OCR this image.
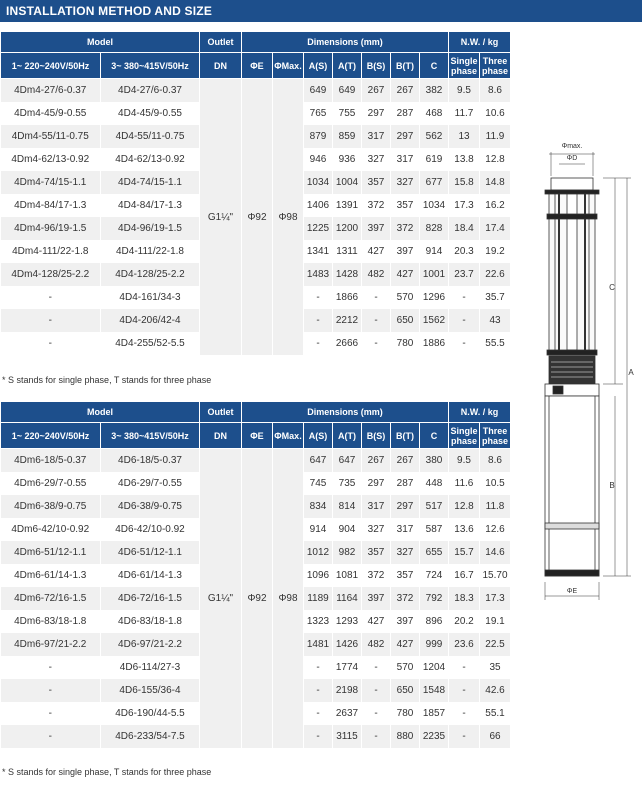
INSTALLATION METHOD AND SIZE
Model		Outlet	Dimensions (mm)							N.W. / kg	
1~ 220~240V/50Hz	3~ 380~415V/50Hz	DN	ΦE	ΦMax.	A(S)	A(T)	B(S)	B(T)	C	Single phase	Three phase
4Dm4-27/6-0.37	4D4-27/6-0.37	G1¼"	Φ92	Φ98	649	649	267	267	382	9.5	8.6
4Dm4-45/9-0.55	4D4-45/9-0.55				765	755	297	287	468	11.7	10.6
4Dm4-55/11-0.75	4D4-55/11-0.75				879	859	317	297	562	13	11.9
4Dm4-62/13-0.92	4D4-62/13-0.92				946	936	327	317	619	13.8	12.8
4Dm4-74/15-1.1	4D4-74/15-1.1				1034	1004	357	327	677	15.8	14.8
4Dm4-84/17-1.3	4D4-84/17-1.3				1406	1391	372	357	1034	17.3	16.2
4Dm4-96/19-1.5	4D4-96/19-1.5				1225	1200	397	372	828	18.4	17.4
4Dm4-111/22-1.8	4D4-111/22-1.8				1341	1311	427	397	914	20.3	19.2
4Dm4-128/25-2.2	4D4-128/25-2.2				1483	1428	482	427	1001	23.7	22.6
-	4D4-161/34-3				-	1866	-	570	1296	-	35.7
-	4D4-206/42-4				-	2212	-	650	1562	-	43
-	4D4-255/52-5.5				-	2666	-	780	1886	-	55.5
* S stands for single phase, T stands for three phase
Model		Outlet	Dimensions (mm)							N.W. / kg	
1~ 220~240V/50Hz	3~ 380~415V/50Hz	DN	ΦE	ΦMax.	A(S)	A(T)	B(S)	B(T)	C	Single phase	Three phase
4Dm6-18/5-0.37	4D6-18/5-0.37	G1¼"	Φ92	Φ98	647	647	267	267	380	9.5	8.6
4Dm6-29/7-0.55	4D6-29/7-0.55				745	735	297	287	448	11.6	10.5
4Dm6-38/9-0.75	4D6-38/9-0.75				834	814	317	297	517	12.8	11.8
4Dm6-42/10-0.92	4D6-42/10-0.92				914	904	327	317	587	13.6	12.6
4Dm6-51/12-1.1	4D6-51/12-1.1				1012	982	357	327	655	15.7	14.6
4Dm6-61/14-1.3	4D6-61/14-1.3				1096	1081	372	357	724	16.7	15.70
4Dm6-72/16-1.5	4D6-72/16-1.5				1189	1164	397	372	792	18.3	17.3
4Dm6-83/18-1.8	4D6-83/18-1.8				1323	1293	427	397	896	20.2	19.1
4Dm6-97/21-2.2	4D6-97/21-2.2				1481	1426	482	427	999	23.6	22.5
-	4D6-114/27-3				-	1774	-	570	1204	-	35
-	4D6-155/36-4				-	2198	-	650	1548	-	42.6
-	4D6-190/44-5.5				-	2637	-	780	1857	-	55.1
-	4D6-233/54-7.5				-	3115	-	880	2235	-	66
* S stands for single phase, T stands for three phase
Φmax.
ΦD
C
A
B
ΦE
